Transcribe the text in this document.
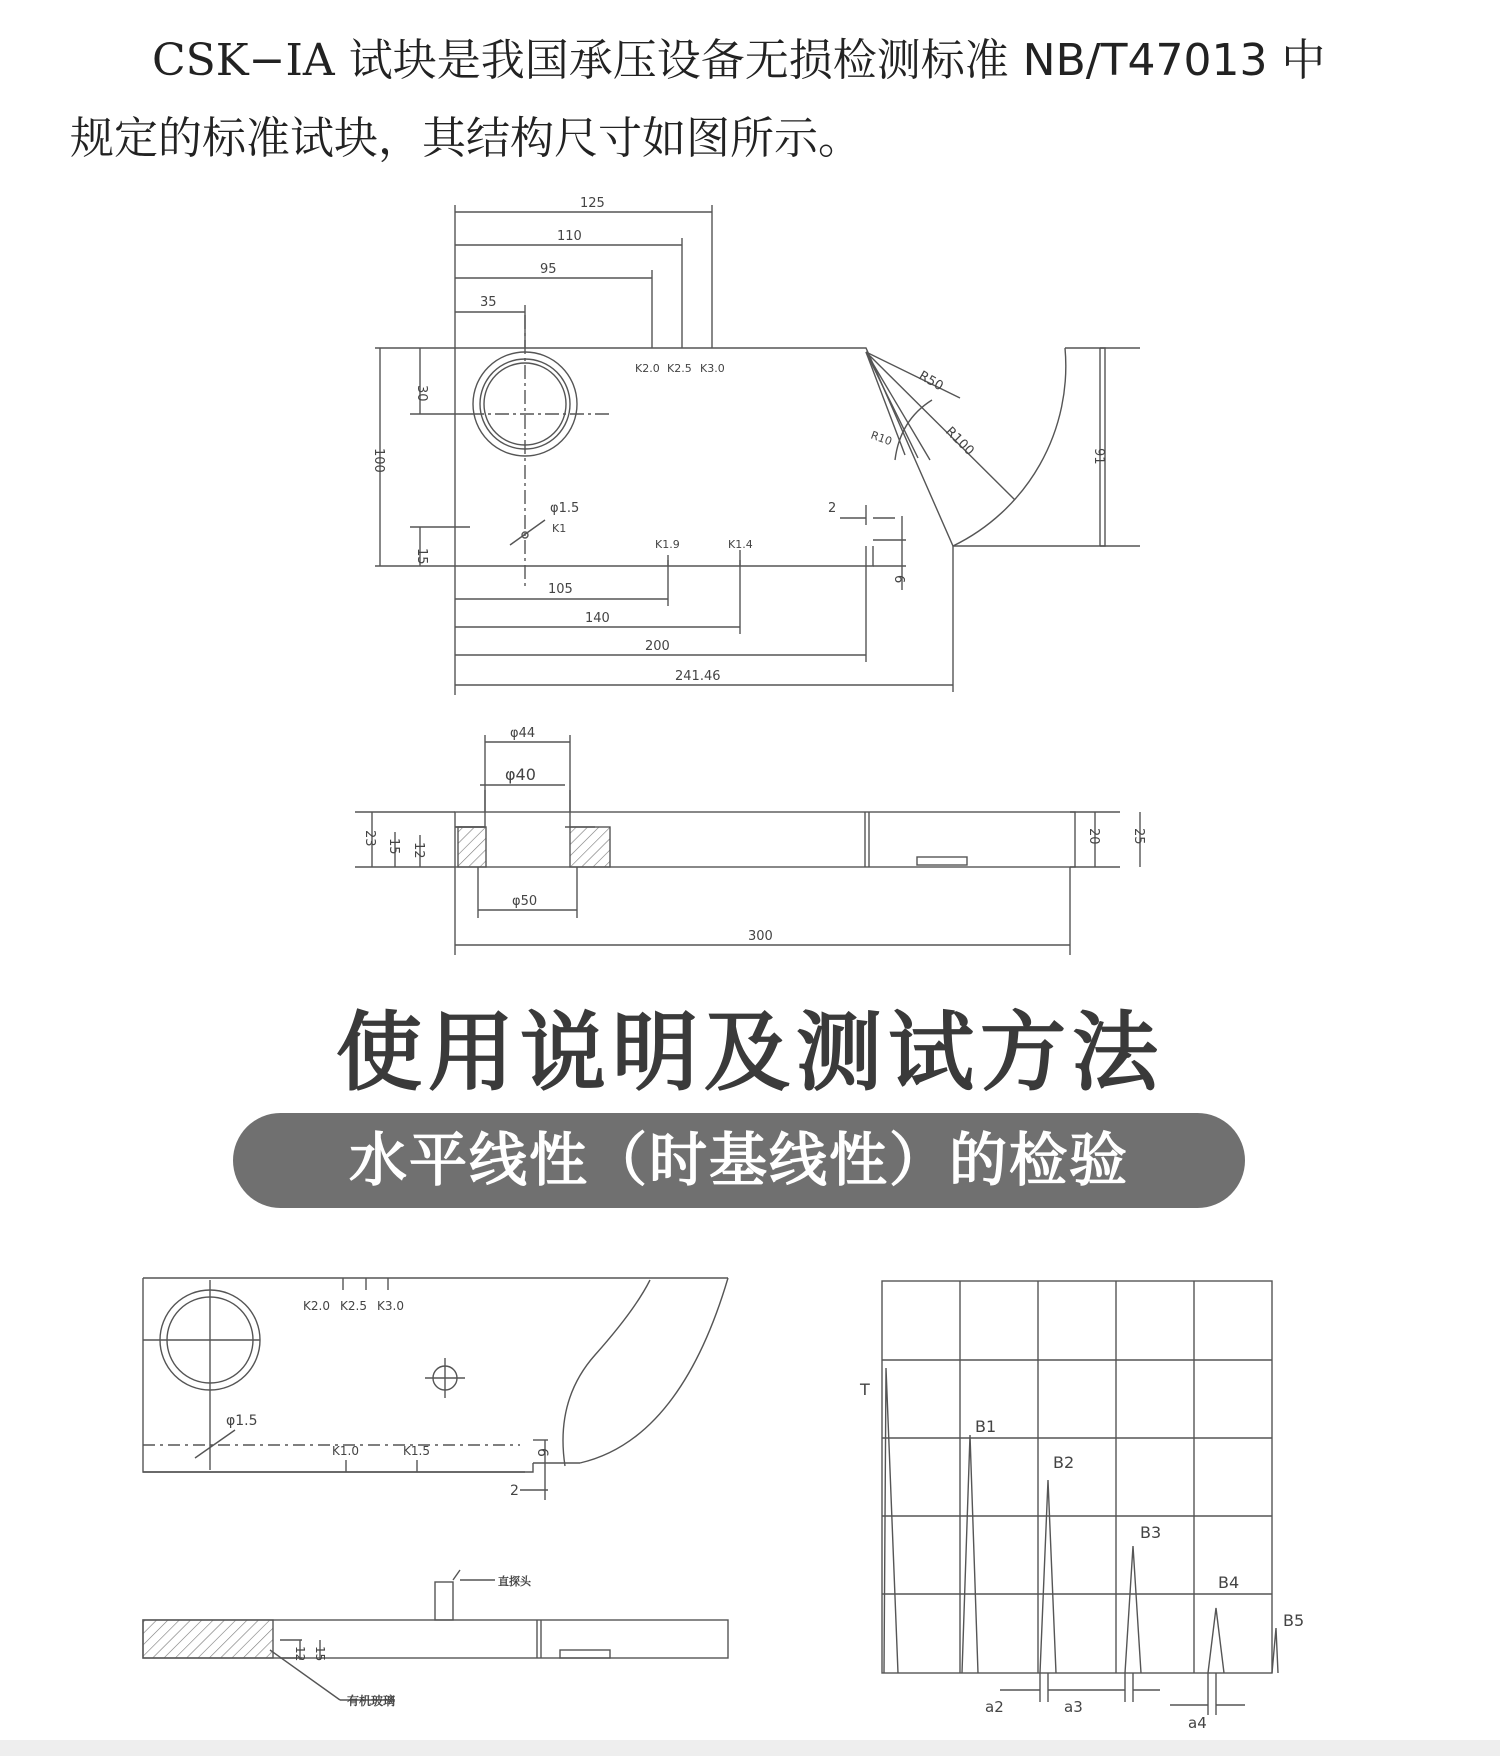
CSK−IA 试块是我国承压设备无损检测标准 NB/T47013 中
规定的标准试块，其结构尺寸如图所示。
125
110
95
35
K2.0 K2.5 K3.0	R50
R100
R10
30
100	91
15
φ1.5
K1
K1.9	K1.4
2
6
105
140
200
241.46
φ44
φ40
φ50
23 15 12
20 25
300
K2.0 K2.5 K3.0
φ1.5
K1.0	K1.5	6
2
直探头
12 15
有机玻璃
T
B1
B2
B3
B4
B5
a2	a3
a4
使用说明及测试方法
水平线性（时基线性）的检验
